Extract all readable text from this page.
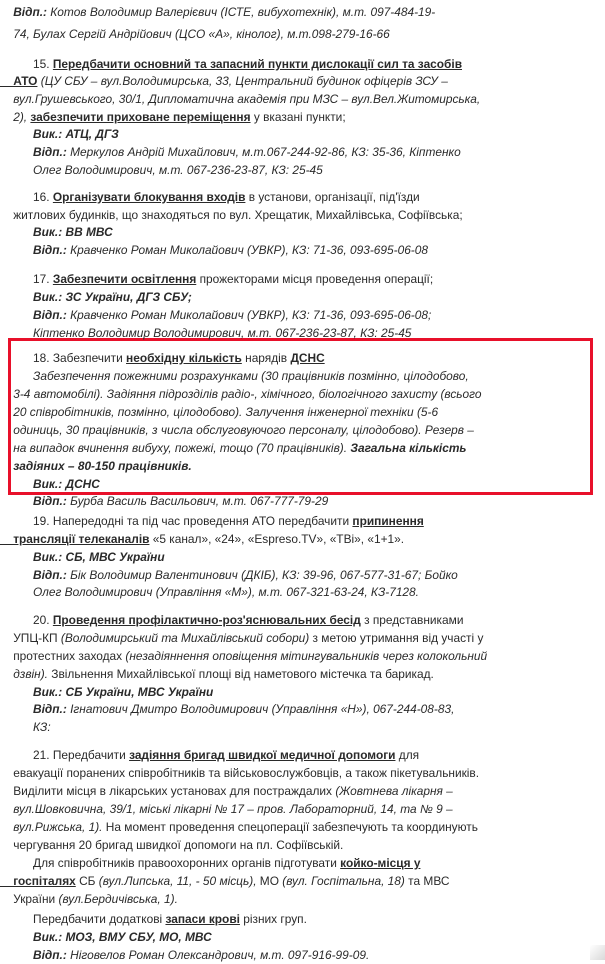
Відп.: Котов Володимир Валерієвич (ІСТЕ, вибухотехнік), м.т. 097-484-19-
74, Булах Сергій Андрійович (ЦСО «А», кінолог), м.т.098-279-16-66
15. Передбачити основний та запасний пункти дислокації сил та засобів
АТО (ЦУ СБУ – вул.Володимирська, 33, Центральний будинок офіцерів ЗСУ –
вул.Грушевського, 30/1, Дипломатична академія при МЗС – вул.Вел.Житомирська,
2), забезпечити приховане переміщення у вказані пункти;
Вик.: АТЦ, ДГЗ
Відп.: Меркулов Андрій Михайлович, м.т.067-244-92-86, КЗ: 35-36, Кіптенко
Олег Володимирович, м.т. 067-236-23-87, КЗ: 25-45
16. Організувати блокування входів в установи, організації, під'їзди
житлових будинків, що знаходяться по вул. Хрещатик, Михайлівська, Софіївська;
Вик.: ВВ МВС
Відп.: Кравченко Роман Миколайович (УВКР), КЗ: 71-36, 093-695-06-08
17. Забезпечити освітлення прожекторами місця проведення операції;
Вик.: ЗС України, ДГЗ СБУ;
Відп.: Кравченко Роман Миколайович (УВКР), КЗ: 71-36, 093-695-06-08;
Кіптенко Володимир Володимирович, м.т. 067-236-23-87, КЗ: 25-45
18. Забезпечити необхідну кількість нарядів ДСНС
Забезпечення пожежними розрахунками (30 працівників позмінно, цілодобово,
3-4 автомобілі). Задіяння підрозділів радіо-, хімічного, біологічного захисту (всього
20 співробітників, позмінно, цілодобово). Залучення інженерної техніки (5-6
одиниць, 30 працівників, з числа обслуговуючого персоналу, цілодобово). Резерв –
на випадок вчинення вибуху, пожежі, тощо (70 працівників). Загальна кількість
задіяних – 80-150 працівників.
Вик.: ДСНС
Відп.: Бурба Василь Васильович, м.т. 067-777-79-29
19. Напередодні та під час проведення АТО передбачити припинення
трансляції телеканалів «5 канал», «24», «Espreso.TV», «ТВі», «1+1».
Вик.: СБ, МВС України
Відп.: Бік Володимир Валентинович (ДКІБ), КЗ: 39-96, 067-577-31-67; Бойко
Олег Володимирович (Управління «М»), м.т. 067-321-63-24, КЗ-7128.
20. Проведення профілактично-роз'яснювальних бесід з представниками
УПЦ-КП (Володимирський та Михайлівський собори) з метою утримання від участі у
протестних заходах (незадіяннення оповіщення мітингувальників через колокольний
дзвін). Звільнення Михайлівської площі від наметового містечка та барикад.
Вик.: СБ України, МВС України
Відп.: Ігнатович Дмитро Володимирович (Управління «Н»), 067-244-08-83,
КЗ:
21. Передбачити задіяння бригад швидкої медичної допомоги для
евакуації поранених співробітників та військовослужбовців, а також пікетувальників.
Виділити місця в лікарських установах для постраждалих (Жовтнева лікарня –
вул.Шовковична, 39/1, міські лікарні № 17 – пров. Лабораторний, 14, та № 9 –
вул.Рижська, 1). На момент проведення спецоперації забезпечують та координують
чергування 20 бригад швидкої допомоги на пл. Софіївській.
Для співробітників правоохоронних органів підготувати койко-місця у
госпіталях СБ (вул.Липська, 11, - 50 місць), МО (вул. Госпітальна, 18) та МВС
України (вул.Бердичівська, 1).
Передбачити додаткові запаси крові різних груп.
Вик.: МОЗ, ВМУ СБУ, МО, МВС
Відп.: Ніговелов Роман Олександрович, м.т. 097-916-99-09.
